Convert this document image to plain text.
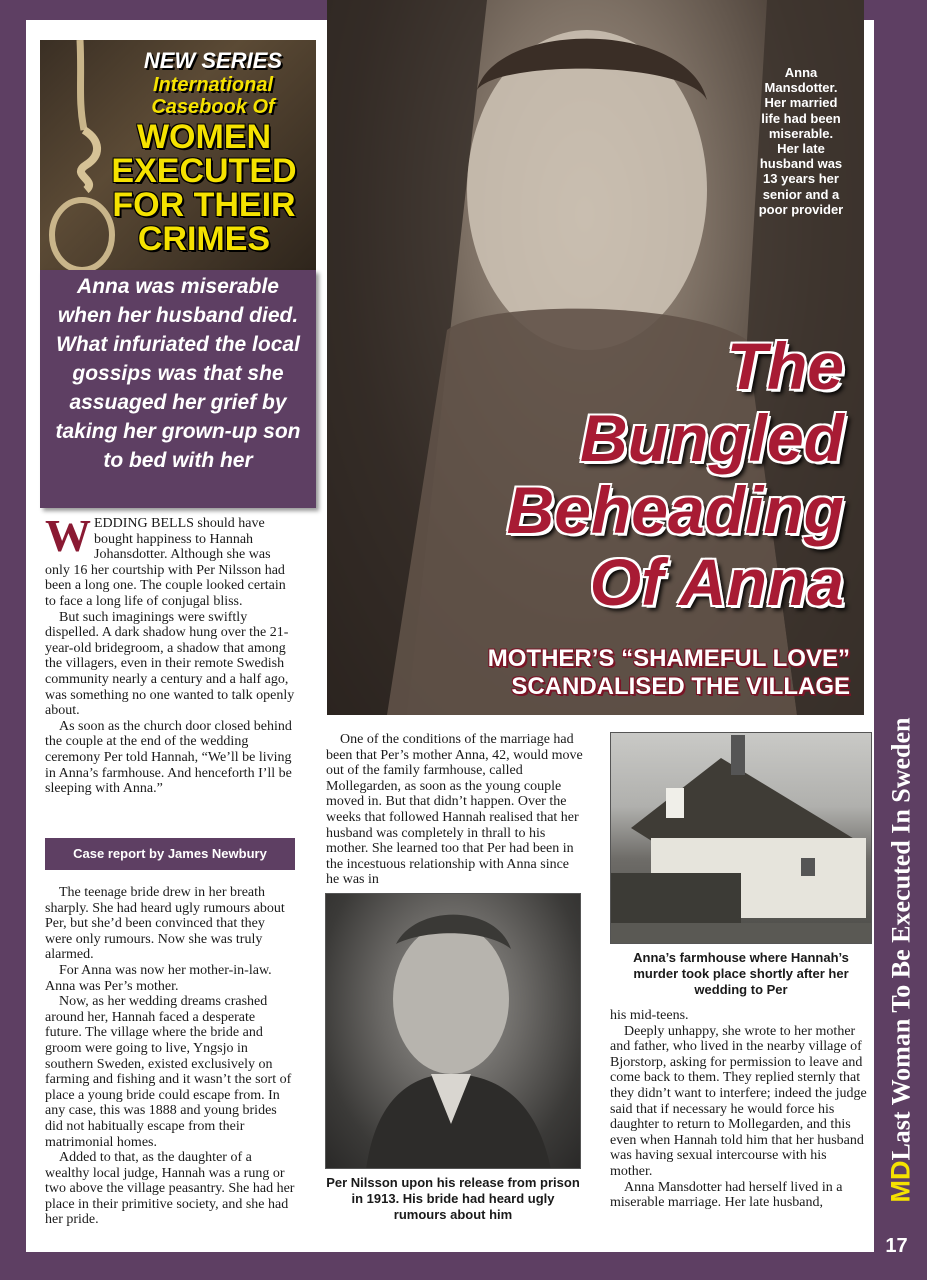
NEW SERIES
International
Casebook Of
WOMEN
EXECUTED
FOR THEIR
CRIMES
Anna was miserable when her husband died. What infuriated the local gossips was that she assuaged her grief by taking her grown-up son to bed with her

WEDDING BELLS should have bought happiness to Hannah Johansdotter. Although she was only 16 her courtship with Per Nilsson had been a long one. The couple looked certain to face a long life of conjugal bliss.

But such imaginings were swiftly dispelled. A dark shadow hung over the 21-year-old bridegroom, a shadow that among the villagers, even in their remote Swedish community nearly a century and a half ago, was something no one wanted to talk openly about.

As soon as the church door closed behind the couple at the end of the wedding ceremony Per told Hannah, “We’ll be living in Anna’s farmhouse. And henceforth I’ll be sleeping with Anna.”

Case report by James Newbury

The teenage bride drew in her breath sharply. She had heard ugly rumours about Per, but she’d been convinced that they were only rumours. Now she was truly alarmed.

For Anna was now her mother-in-law. Anna was Per’s mother.

Now, as her wedding dreams crashed around her, Hannah faced a desperate future. The village where the bride and groom were going to live, Yngsjo in southern Sweden, existed exclusively on farming and fishing and it wasn’t the sort of place a young bride could escape from. In any case, this was 1888 and young brides did not habitually escape from their matrimonial homes.

Added to that, as the daughter of a wealthy local judge, Hannah was a rung or two above the village peasantry. She had her place in their primitive society, and she had her pride.

Anna Mansdotter. Her married life had been miserable. Her late husband was 13 years her senior and a poor provider
The
Bungled
Beheading
Of Anna
MOTHER’S “SHAMEFUL LOVE”
SCANDALISED THE VILLAGE

One of the conditions of the marriage had been that Per’s mother Anna, 42, would move out of the family farmhouse, called Mollegarden, as soon as the young couple moved in. But that didn’t happen. Over the weeks that followed Hannah realised that her husband was completely in thrall to his mother. She learned too that Per had been in the incestuous relationship with Anna since he was in

Anna’s farmhouse where Hannah’s murder took place shortly after her wedding to Per
Per Nilsson upon his release from prison in 1913. His bride had heard ugly rumours about him

his mid-teens.

Deeply unhappy, she wrote to her mother and father, who lived in the nearby village of Bjorstorp, asking for permission to leave and come back to them. They replied sternly that they didn’t want to interfere; indeed the judge said that if necessary he would force his daughter to return to Mollegarden, and this even when Hannah told him that her husband was having sexual intercourse with his mother.

Anna Mansdotter had herself lived in a miserable marriage. Her late husband,

MDLast Woman To Be Executed In Sweden
17
